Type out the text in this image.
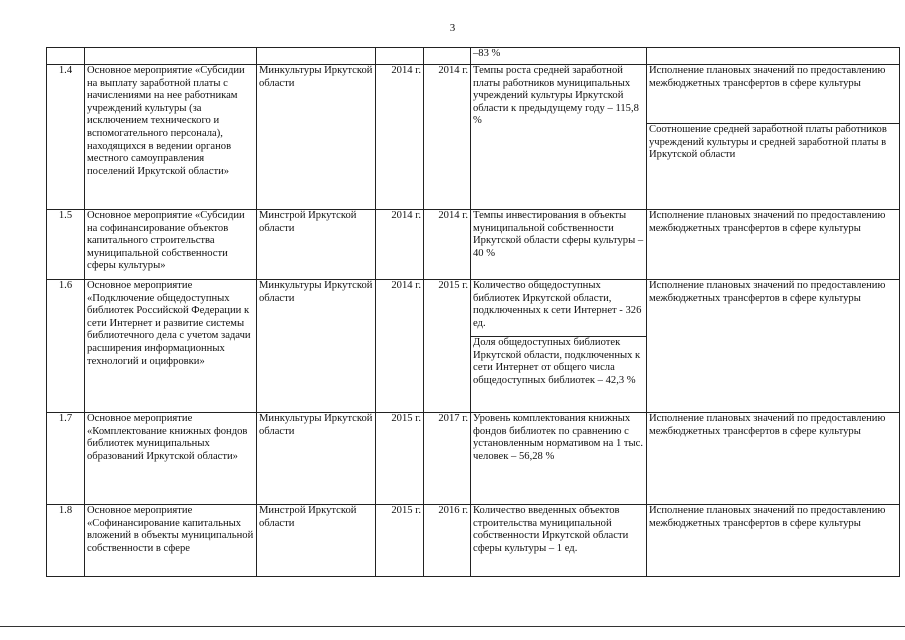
3
					–83 %	
1.4	Основное мероприятие «Субсидии на выплату заработной платы с начислениями на нее работникам учреждений культуры (за исключением технического и вспомогательного персонала), находящихся в ведении органов местного самоуправления поселений Иркутской области»	Минкультуры Иркутской области	2014 г.	2014 г.	Темпы роста средней заработной платы работников муниципальных учреждений культуры Иркутской области к предыдущему году – 115,8 %	Исполнение плановых значений по предоставлению межбюджетных трансфертов в сфере культуры
						Соотношение средней заработной платы работников учреждений культуры и средней заработной платы в Иркутской области
1.5	Основное мероприятие «Субсидии на софинансирование объектов капитального строительства муниципальной собственности сферы культуры»	Минстрой Иркутской области	2014 г.	2014 г.	Темпы инвестирования в объекты муниципальной собственности Иркутской области сферы культуры – 40 %	Исполнение плановых значений по предоставлению межбюджетных трансфертов в сфере культуры
1.6	Основное мероприятие «Подключение общедоступных библиотек Российской Федерации к сети Интернет и развитие системы библиотечного дела с учетом задачи расширения информационных технологий и оцифровки»	Минкультуры Иркутской области	2014 г.	2015 г.	Количество общедоступных библиотек Иркутской области, подключенных к сети Интернет - 326 ед.	Исполнение плановых значений по предоставлению межбюджетных трансфертов в сфере культуры
					Доля общедоступных библиотек Иркутской области, подключенных к сети Интернет от общего числа общедоступных библиотек – 42,3 %	
1.7	Основное мероприятие «Комплектование книжных фондов библиотек муниципальных образований Иркутской области»	Минкультуры Иркутской области	2015 г.	2017 г.	Уровень комплектования книжных фондов библиотек по сравнению с установленным нормативом на 1 тыс. человек – 56,28 %	Исполнение плановых значений по предоставлению межбюджетных трансфертов в сфере культуры
1.8	Основное мероприятие «Софинансирование капитальных вложений в объекты муниципальной собственности в сфере	Минстрой Иркутской области	2015 г.	2016 г.	Количество введенных объектов строительства муниципальной собственности Иркутской области сферы культуры – 1 ед.	Исполнение плановых значений по предоставлению межбюджетных трансфертов в сфере культуры
